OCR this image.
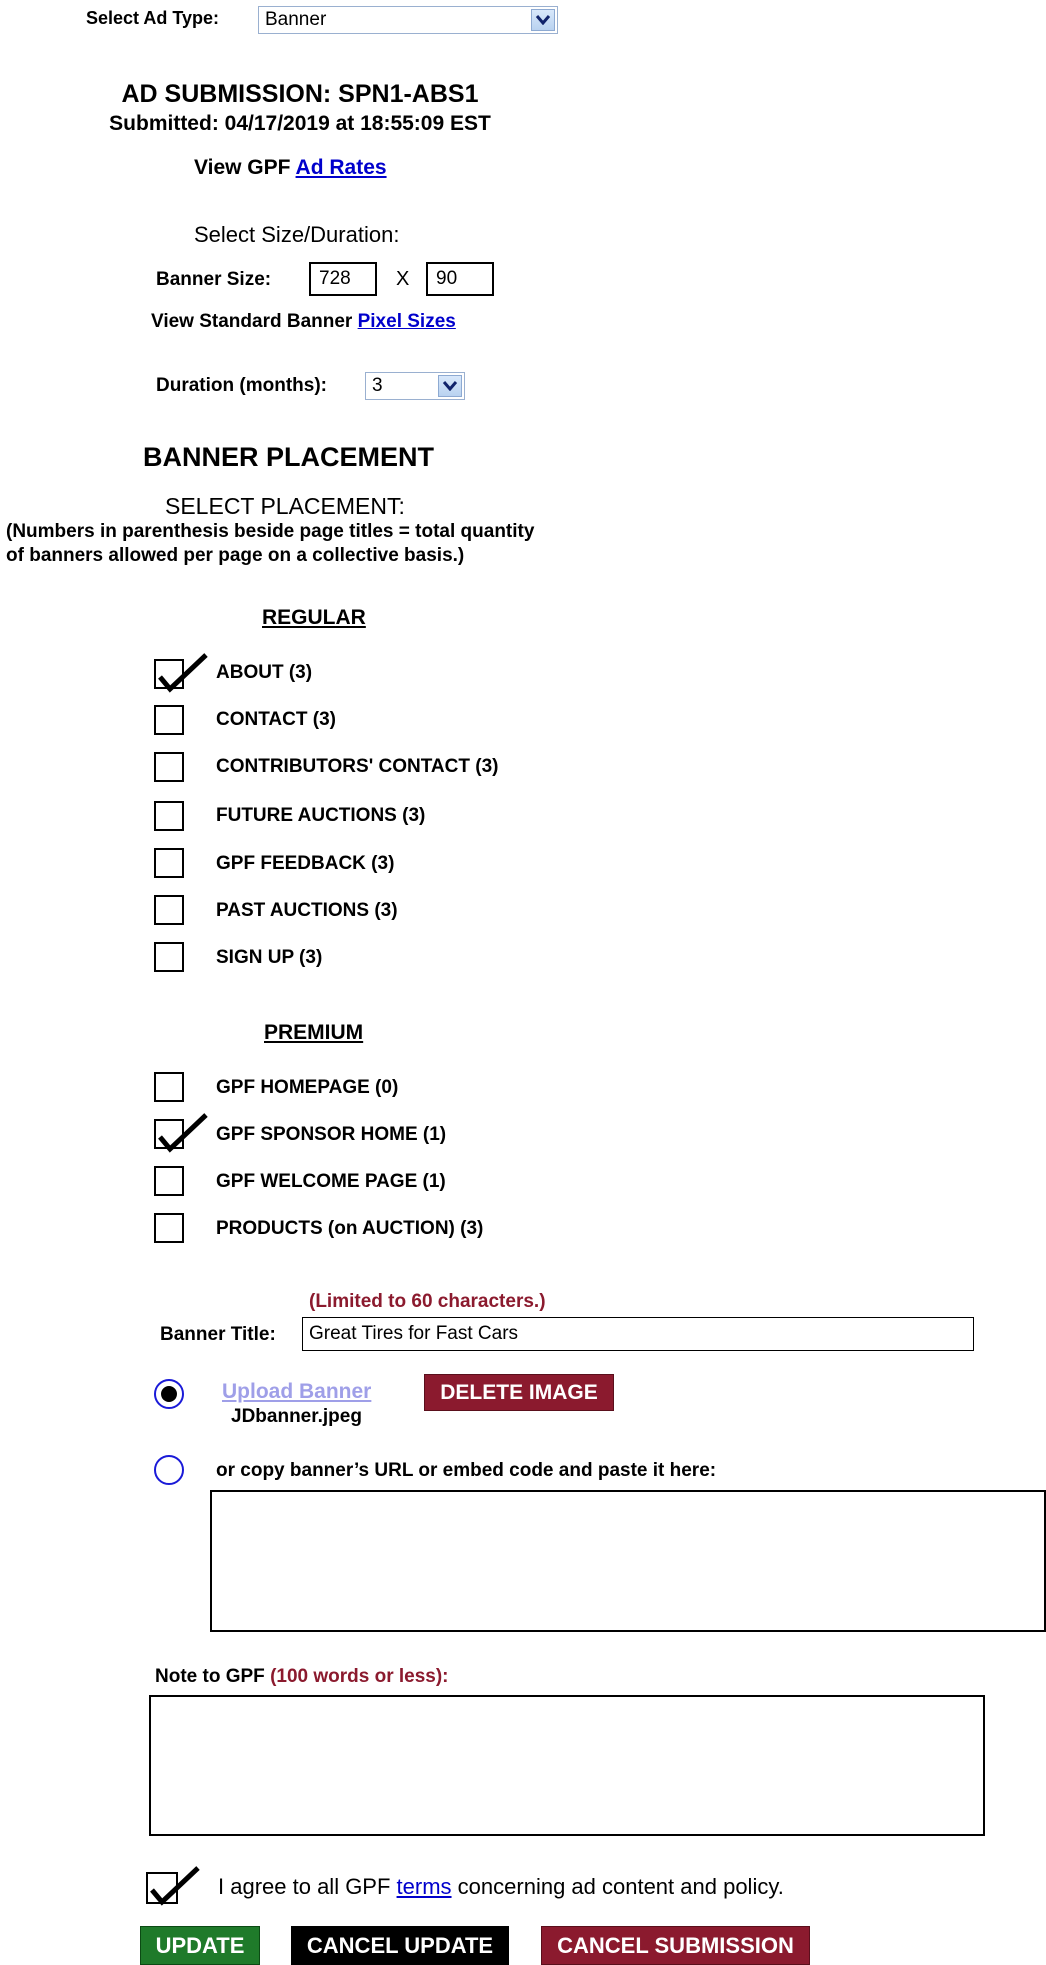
Select Ad Type: Banner
AD SUBMISSION: SPN1-ABS1
Submitted: 04/17/2019 at 18:55:09 EST
View GPF Ad Rates
Select Size/Duration:
Banner Size:	728	X	90
View Standard Banner Pixel Sizes
Duration (months): 3
BANNER PLACEMENT
SELECT PLACEMENT:
(Numbers in parenthesis beside page titles = total quantity
of banners allowed per page on a collective basis.)
REGULAR
ABOUT (3)
CONTACT (3)
CONTRIBUTORS' CONTACT (3)
FUTURE AUCTIONS (3)
GPF FEEDBACK (3)
PAST AUCTIONS (3)
SIGN UP (3)
PREMIUM
GPF HOMEPAGE (0)
GPF SPONSOR HOME (1)
GPF WELCOME PAGE (1)
PRODUCTS (on AUCTION) (3)
(Limited to 60 characters.)
Banner Title:	Great Tires for Fast Cars
Upload Banner	DELETE IMAGE
JDbanner.jpeg
or copy banner’s URL or embed code and paste it here:
Note to GPF (100 words or less):
I agree to all GPF terms concerning ad content and policy.
UPDATE	CANCEL UPDATE	CANCEL SUBMISSION
